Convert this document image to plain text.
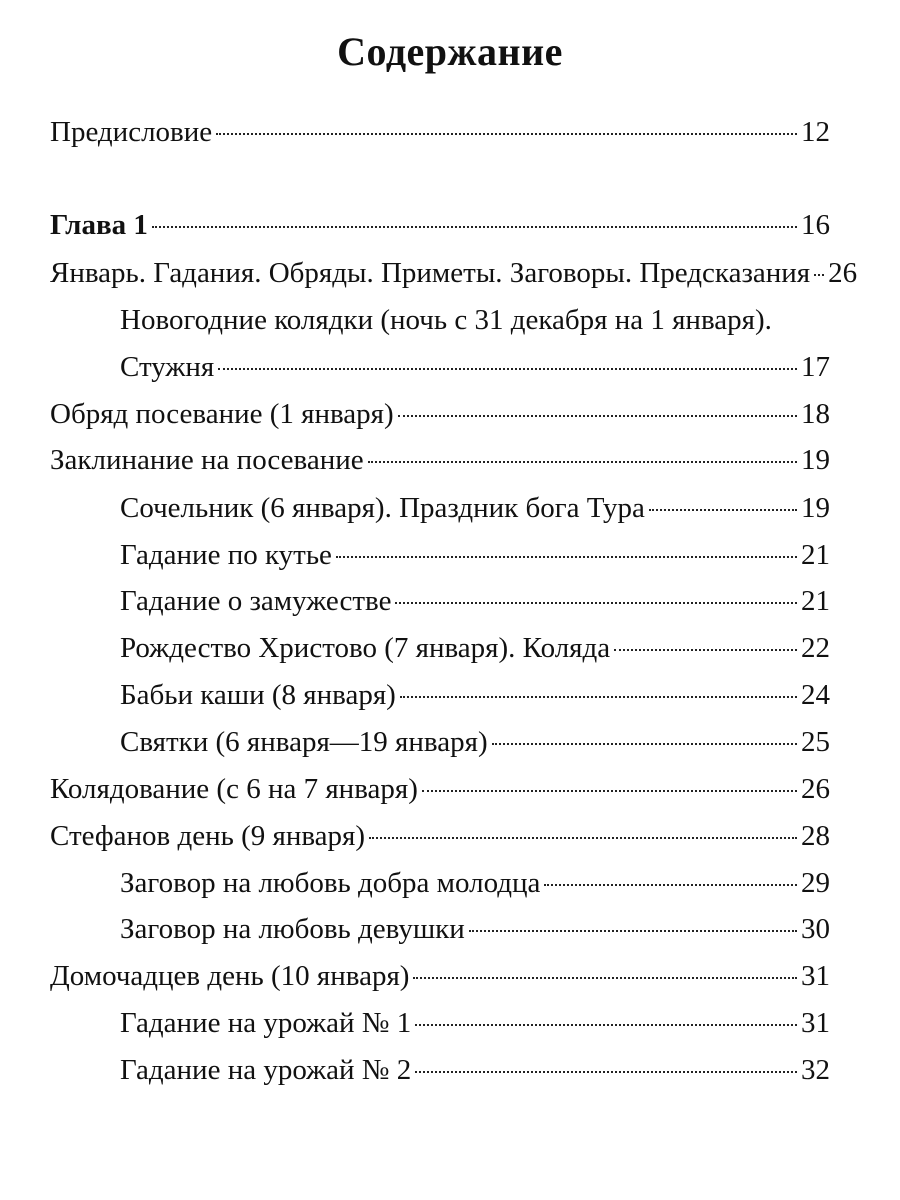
Содержание
Предисловие	12
Глава 1	16
Январь. Гадания. Обряды. Приметы. Заговоры. Предсказания 26
Новогодние колядки (ночь с 31 декабря на 1 января).
Стужня	17
Обряд посевание (1 января)	18
Заклинание на посевание	19
Сочельник (6 января). Праздник бога Тура	19
Гадание по кутье	21
Гадание о замужестве	21
Рождество Христово (7 января). Коляда	22
Бабьи каши (8 января)	24
Святки (6 января—19 января)	25
Колядование (с 6 на 7 января)	26
Стефанов день (9 января)	28
Заговор на любовь добра молодца	29
Заговор на любовь девушки	30
Домочадцев день (10 января)	31
Гадание на урожай № 1	31
Гадание на урожай № 2	32
